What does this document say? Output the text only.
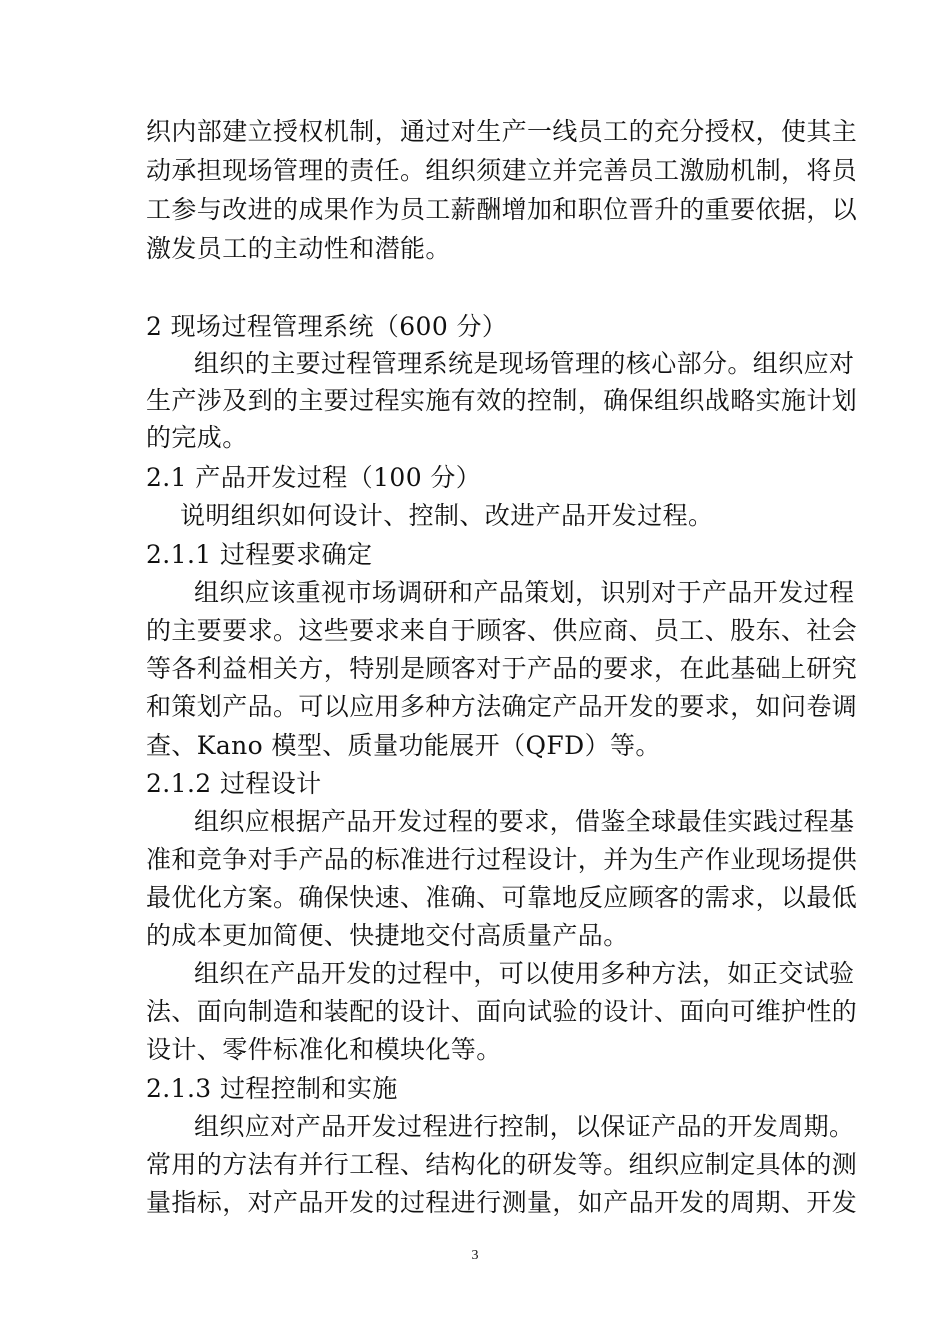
织内部建立授权机制，通过对生产一线员工的充分授权，使其主
动承担现场管理的责任。组织须建立并完善员工激励机制，将员
工参与改进的成果作为员工薪酬增加和职位晋升的重要依据，以
激发员工的主动性和潜能。
2 现场过程管理系统（600 分）
组织的主要过程管理系统是现场管理的核心部分。组织应对
生产涉及到的主要过程实施有效的控制，确保组织战略实施计划
的完成。
2.1 产品开发过程（100 分）
说明组织如何设计、控制、改进产品开发过程。
2.1.1 过程要求确定
组织应该重视市场调研和产品策划，识别对于产品开发过程
的主要要求。这些要求来自于顾客、供应商、员工、股东、社会
等各利益相关方，特别是顾客对于产品的要求，在此基础上研究
和策划产品。可以应用多种方法确定产品开发的要求，如问卷调
查、Kano 模型、质量功能展开（QFD）等。
2.1.2 过程设计
组织应根据产品开发过程的要求，借鉴全球最佳实践过程基
准和竞争对手产品的标准进行过程设计，并为生产作业现场提供
最优化方案。确保快速、准确、可靠地反应顾客的需求，以最低
的成本更加简便、快捷地交付高质量产品。
组织在产品开发的过程中，可以使用多种方法，如正交试验
法、面向制造和装配的设计、面向试验的设计、面向可维护性的
设计、零件标准化和模块化等。
2.1.3 过程控制和实施
组织应对产品开发过程进行控制，以保证产品的开发周期。
常用的方法有并行工程、结构化的研发等。组织应制定具体的测
量指标，对产品开发的过程进行测量，如产品开发的周期、开发
3
